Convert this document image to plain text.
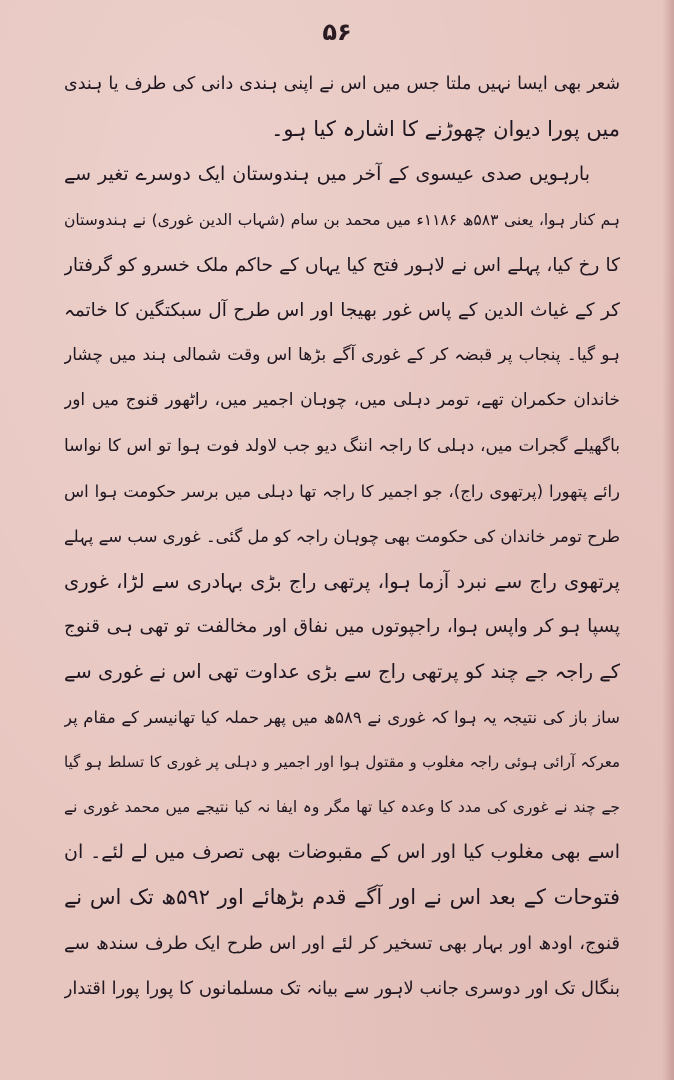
۵۶
شعر بھی ایسا نہیں ملتا جس میں اس نے اپنی ہندی دانی کی طرف یا ہندی
میں پورا دیوان چھوڑنے کا اشارہ کیا ہو۔
بارہویں صدی عیسوی کے آخر میں ہندوستان ایک دوسرے تغیر سے
ہم کنار ہوا، یعنی ۵۸۳ھ ۱۱۸۶ء میں محمد بن سام (شہاب الدین غوری) نے ہندوستان
کا رخ کیا، پہلے اس نے لاہور فتح کیا یہاں کے حاکم ملک خسرو کو گرفتار
کر کے غیاث الدین کے پاس غور بھیجا اور اس طرح آل سبکتگین کا خاتمہ
ہو گیا۔ پنجاب پر قبضہ کر کے غوری آگے بڑھا اس وقت شمالی ہند میں چشار
خاندان حکمران تھے، تومر دہلی میں، چوہان اجمیر میں، راٹھور قنوج میں اور
باگھیلے گجرات میں، دہلی کا راجہ اننگ دیو جب لاولد فوت ہوا تو اس کا نواسا
رائے پتھورا (پرتھوی راج)، جو اجمیر کا راجہ تھا دہلی میں برسر حکومت ہوا اس
طرح تومر خاندان کی حکومت بھی چوہان راجہ کو مل گئی۔ غوری سب سے پہلے
پرتھوی راج سے نبرد آزما ہوا، پرتھی راج بڑی بہادری سے لڑا، غوری
پسپا ہو کر واپس ہوا، راجپوتوں میں نفاق اور مخالفت تو تھی ہی قنوج
کے راجہ جے چند کو پرتھی راج سے بڑی عداوت تھی اس نے غوری سے
ساز باز کی نتیجہ یہ ہوا کہ غوری نے ۵۸۹ھ میں پھر حملہ کیا تھانیسر کے مقام پر
معرکہ آرائی ہوئی راجہ مغلوب و مقتول ہوا اور اجمیر و دہلی پر غوری کا تسلط ہو گیا
جے چند نے غوری کی مدد کا وعدہ کیا تھا مگر وہ ایفا نہ کیا نتیجے میں محمد غوری نے
اسے بھی مغلوب کیا اور اس کے مقبوضات بھی تصرف میں لے لئے۔ ان
فتوحات کے بعد اس نے اور آگے قدم بڑھائے اور ۵۹۲ھ تک اس نے
قنوج، اودھ اور بہار بھی تسخیر کر لئے اور اس طرح ایک طرف سندھ سے
بنگال تک اور دوسری جانب لاہور سے بیانہ تک مسلمانوں کا پورا پورا اقتدار
